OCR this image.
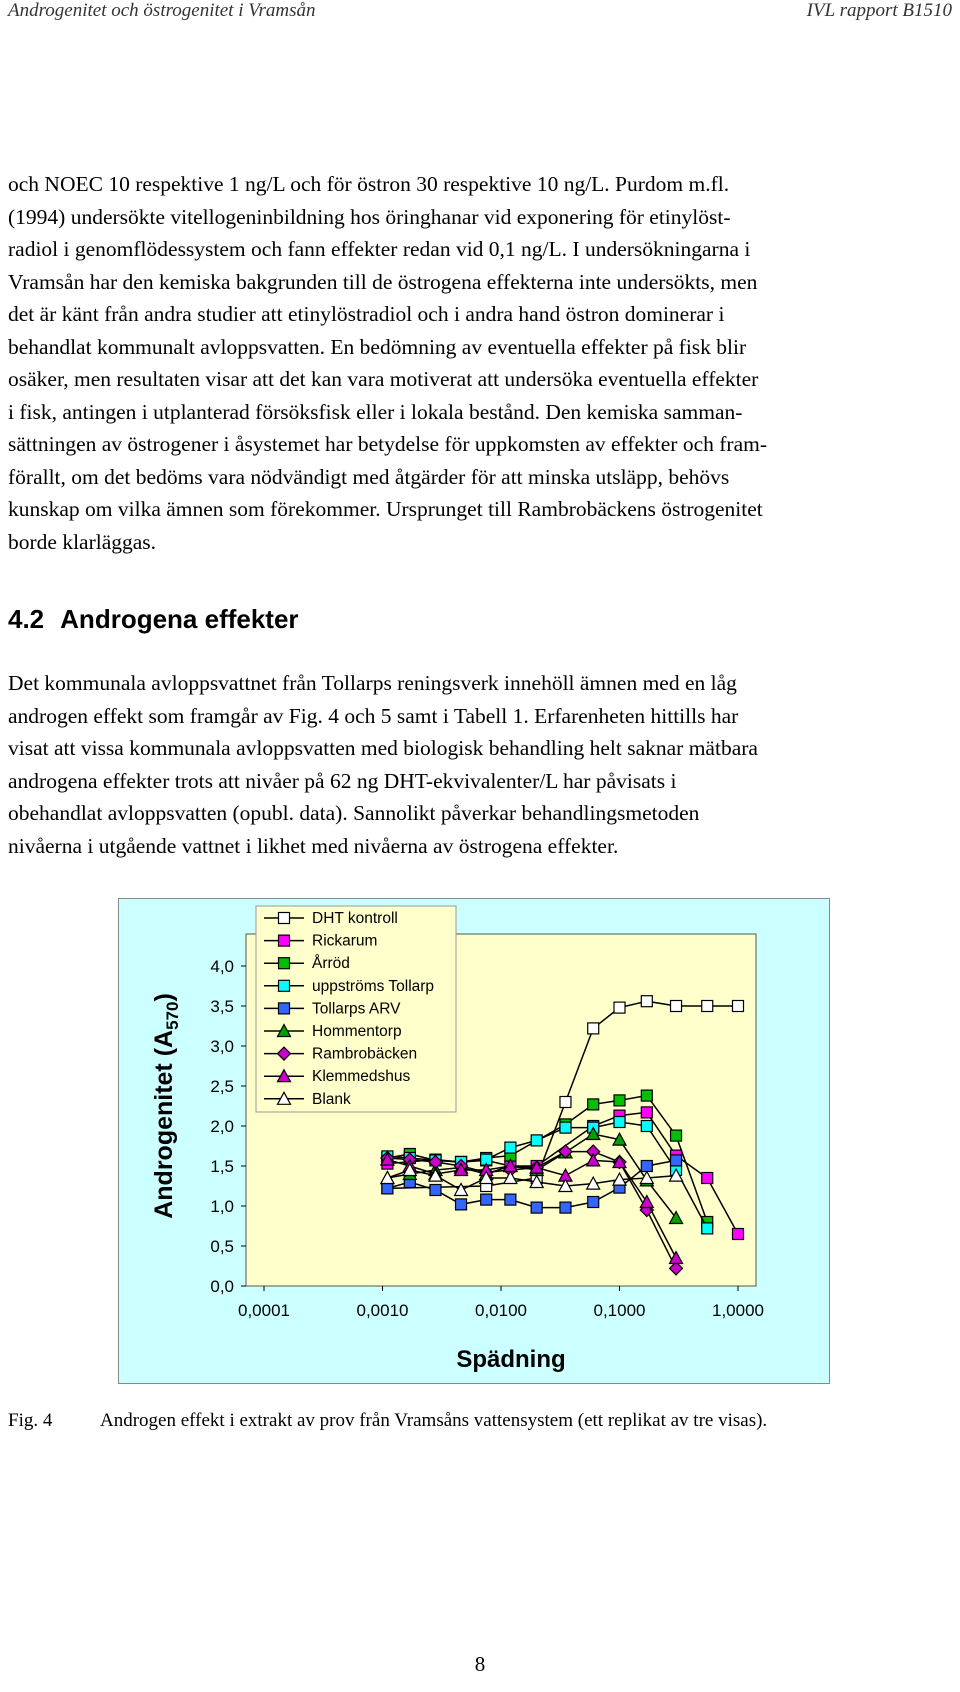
Androgenitet och östrogenitet i Vramsån	IVL rapport B1510

och NOEC 10 respektive 1 ng/L och för östron 30 respektive 10 ng/L. Purdom m.fl.
(1994) undersökte vitellogeninbildning hos öringhanar vid exponering för etinylöst-
radiol i genomflödessystem och fann effekter redan vid 0,1 ng/L. I undersökningarna i
Vramsån har den kemiska bakgrunden till de östrogena effekterna inte undersökts, men
det är känt från andra studier att etinylöstradiol och i andra hand östron dominerar i
behandlat kommunalt avloppsvatten. En bedömning av eventuella effekter på fisk blir
osäker, men resultaten visar att det kan vara motiverat att undersöka eventuella effekter
i fisk, antingen i utplanterad försöksfisk eller i lokala bestånd. Den kemiska samman-
sättningen av östrogener i åsystemet har betydelse för uppkomsten av effekter och fram-
förallt, om det bedöms vara nödvändigt med åtgärder för att minska utsläpp, behövs
kunskap om vilka ämnen som förekommer. Ursprunget till Rambrobäckens östrogenitet
borde klarläggas.

4.2 Androgena effekter

Det kommunala avloppsvattnet från Tollarps reningsverk innehöll ämnen med en låg
androgen effekt som framgår av Fig. 4 och 5 samt i Tabell 1. Erfarenheten hittills har
visat att vissa kommunala avloppsvatten med biologisk behandling helt saknar mätbara
androgena effekter trots att nivåer på 62 ng DHT-ekvivalenter/L har påvisats i
obehandlat avloppsvatten (opubl. data). Sannolikt påverkar behandlingsmetoden
nivåerna i utgående vattnet i likhet med nivåerna av östrogena effekter.

0,0
0,5
1,0
1,5
2,0
2,5
3,0
3,5
4,0
0,0001	0,0010	0,0100	0,1000	1,0000
Androgenitet $(A_{570})$
Spädning
DHT kontroll
Rickarum
Årröd
uppströms Tollarp
Tollarps ARV
Hommentorp
Rambrobäcken
Klemmedshus
Blank
Fig. 4	Androgen effekt i extrakt av prov från Vramsåns vattensystem (ett replikat av tre visas).
8
